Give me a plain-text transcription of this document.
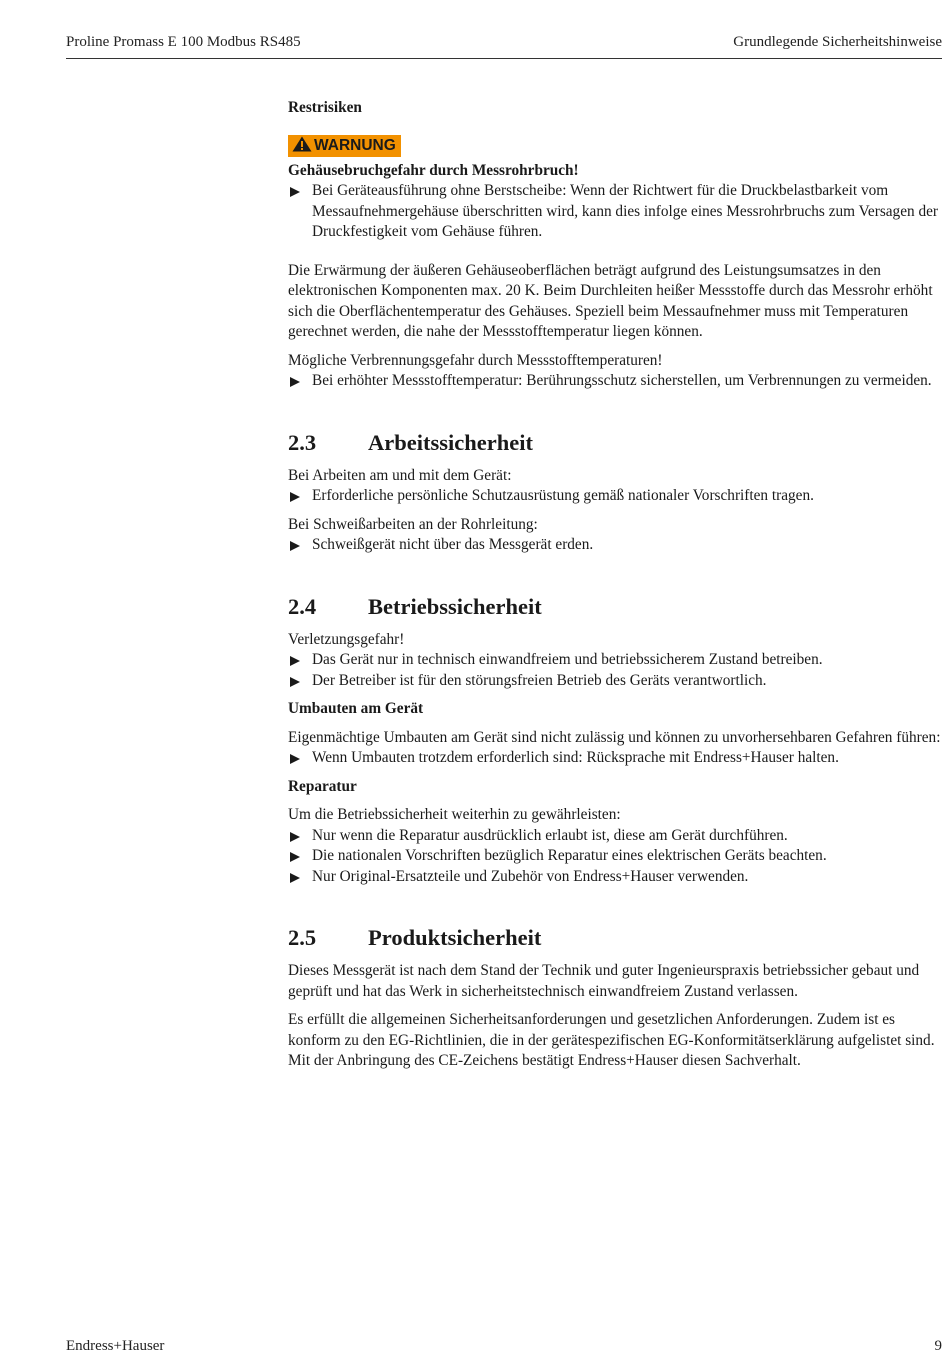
Proline Promass E 100 Modbus RS485	Grundlegende Sicherheitshinweise
Restrisiken
WARNUNG
Gehäusebruchgefahr durch Messrohrbruch!
Bei Geräteausführung ohne Berstscheibe: Wenn der Richtwert für die Druckbelastbarkeit vom Messaufnehmergehäuse überschritten wird, kann dies infolge eines Messrohrbruchs zum Versagen der Druckfestigkeit vom Gehäuse führen.

Die Erwärmung der äußeren Gehäuseoberflächen beträgt aufgrund des Leistungsumsatzes in den elektronischen Komponenten max. 20 K. Beim Durchleiten heißer Messstoffe durch das Messrohr erhöht sich die Oberflächentemperatur des Gehäuses. Speziell beim Messaufnehmer muss mit Temperaturen gerechnet werden, die nahe der Messstofftemperatur liegen können.

Mögliche Verbrennungsgefahr durch Messstofftemperaturen!

Bei erhöhter Messstofftemperatur: Berührungsschutz sicherstellen, um Verbrennungen zu vermeiden.
2.3 Arbeitssicherheit

Bei Arbeiten am und mit dem Gerät:

Erforderliche persönliche Schutzausrüstung gemäß nationaler Vorschriften tragen.

Bei Schweißarbeiten an der Rohrleitung:

Schweißgerät nicht über das Messgerät erden.
2.4 Betriebssicherheit

Verletzungsgefahr!

Das Gerät nur in technisch einwandfreiem und betriebssicherem Zustand betreiben.
Der Betreiber ist für den störungsfreien Betrieb des Geräts verantwortlich.
Umbauten am Gerät

Eigenmächtige Umbauten am Gerät sind nicht zulässig und können zu unvorhersehbaren Gefahren führen:

Wenn Umbauten trotzdem erforderlich sind: Rücksprache mit Endress+Hauser halten.
Reparatur

Um die Betriebssicherheit weiterhin zu gewährleisten:

Nur wenn die Reparatur ausdrücklich erlaubt ist, diese am Gerät durchführen.
Die nationalen Vorschriften bezüglich Reparatur eines elektrischen Geräts beachten.
Nur Original-Ersatzteile und Zubehör von Endress+Hauser verwenden.
2.5 Produktsicherheit

Dieses Messgerät ist nach dem Stand der Technik und guter Ingenieurspraxis betriebssicher gebaut und geprüft und hat das Werk in sicherheitstechnisch einwandfreiem Zustand verlassen.

Es erfüllt die allgemeinen Sicherheitsanforderungen und gesetzlichen Anforderungen. Zudem ist es konform zu den EG-Richtlinien, die in der gerätespezifischen EG-Konformitätserklärung aufgelistet sind. Mit der Anbringung des CE-Zeichens bestätigt Endress+Hauser diesen Sachverhalt.

Endress+Hauser	9
